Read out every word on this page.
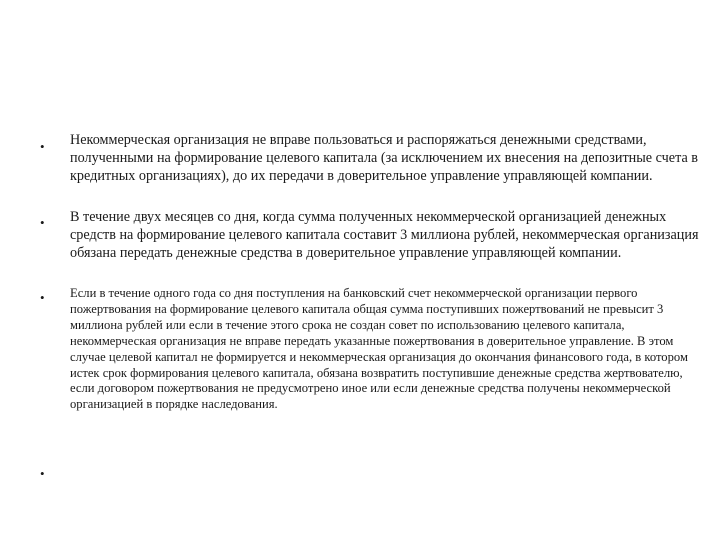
• Некоммерческая организация не вправе пользоваться и распоряжаться денежными средствами, полученными на формирование целевого капитала (за исключением их внесения на депозитные счета в кредитных организациях), до их передачи в доверительное управление управляющей компании.

• В течение двух месяцев со дня, когда сумма полученных некоммерческой организацией денежных средств на формирование целевого капитала составит 3 миллиона рублей, некоммерческая организация обязана передать денежные средства в доверительное управление управляющей компании.

• Если в течение одного года со дня поступления на банковский счет некоммерческой организации первого пожертвования на формирование целевого капитала общая сумма поступивших пожертвований не превысит 3 миллиона рублей или если в течение этого срока не создан совет по использованию целевого капитала, некоммерческая организация не вправе передать указанные пожертвования в доверительное управление. В этом случае целевой капитал не формируется и некоммерческая организация до окончания финансового года, в котором истек срок формирования целевого капитала, обязана возвратить поступившие денежные средства жертвователю, если договором пожертвования не предусмотрено иное или если денежные средства получены некоммерческой организацией в порядке наследования.

•
